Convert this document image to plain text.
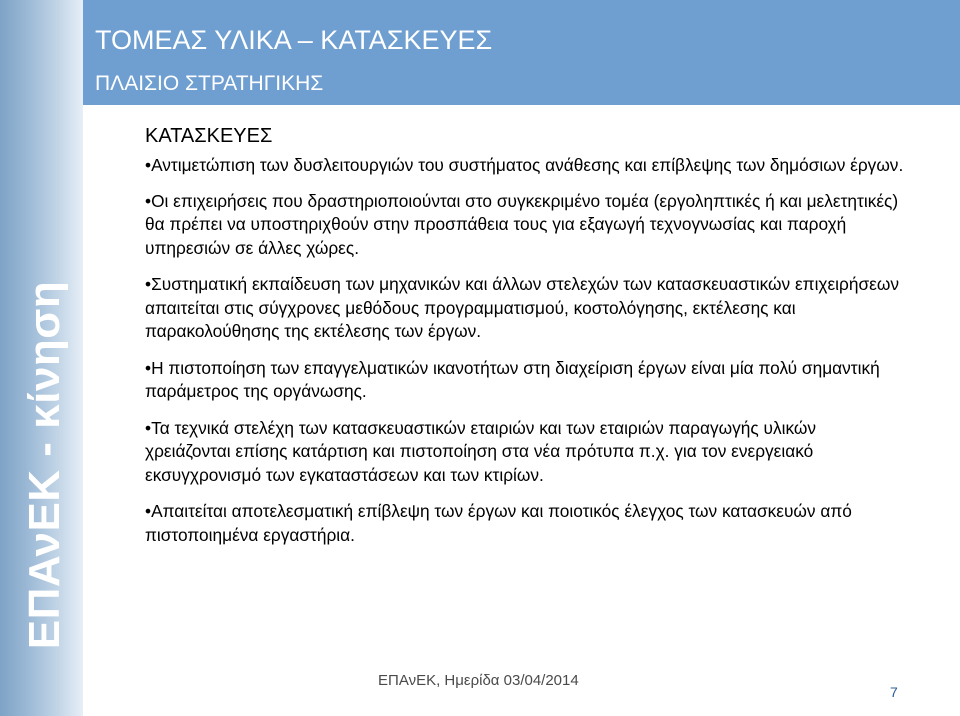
ΕΠΑνΕΚ - κίνηση
ΤΟΜΕΑΣ ΥΛΙΚΑ – ΚΑΤΑΣΚΕΥΕΣ
ΠΛΑΙΣΙΟ ΣΤΡΑΤΗΓΙΚΗΣ
ΚΑΤΑΣΚΕΥΕΣ
•Αντιμετώπιση των δυσλειτουργιών του συστήματος ανάθεσης και επίβλεψης των δημόσιων έργων.
•Οι επιχειρήσεις που δραστηριοποιούνται στο συγκεκριμένο τομέα (εργοληπτικές ή και μελετητικές) θα πρέπει να υποστηριχθούν στην προσπάθεια τους για εξαγωγή τεχνογνωσίας και παροχή υπηρεσιών σε άλλες χώρες.
•Συστηματική εκπαίδευση των μηχανικών και άλλων στελεχών των κατασκευαστικών επιχειρήσεων απαιτείται στις σύγχρονες μεθόδους προγραμματισμού, κοστολόγησης, εκτέλεσης και παρακολούθησης της εκτέλεσης των έργων.
•Η πιστοποίηση των επαγγελματικών ικανοτήτων στη διαχείριση έργων είναι μία πολύ σημαντική παράμετρος της οργάνωσης.
•Τα τεχνικά στελέχη των κατασκευαστικών εταιριών και των εταιριών παραγωγής υλικών χρειάζονται επίσης κατάρτιση και πιστοποίηση στα νέα πρότυπα π.χ. για τον ενεργειακό εκσυγχρονισμό των εγκαταστάσεων και των κτιρίων.
•Απαιτείται αποτελεσματική επίβλεψη των έργων και ποιοτικός έλεγχος των κατασκευών από πιστοποιημένα εργαστήρια.
ΕΠΑνΕΚ, Ημερίδα 03/04/2014
7
